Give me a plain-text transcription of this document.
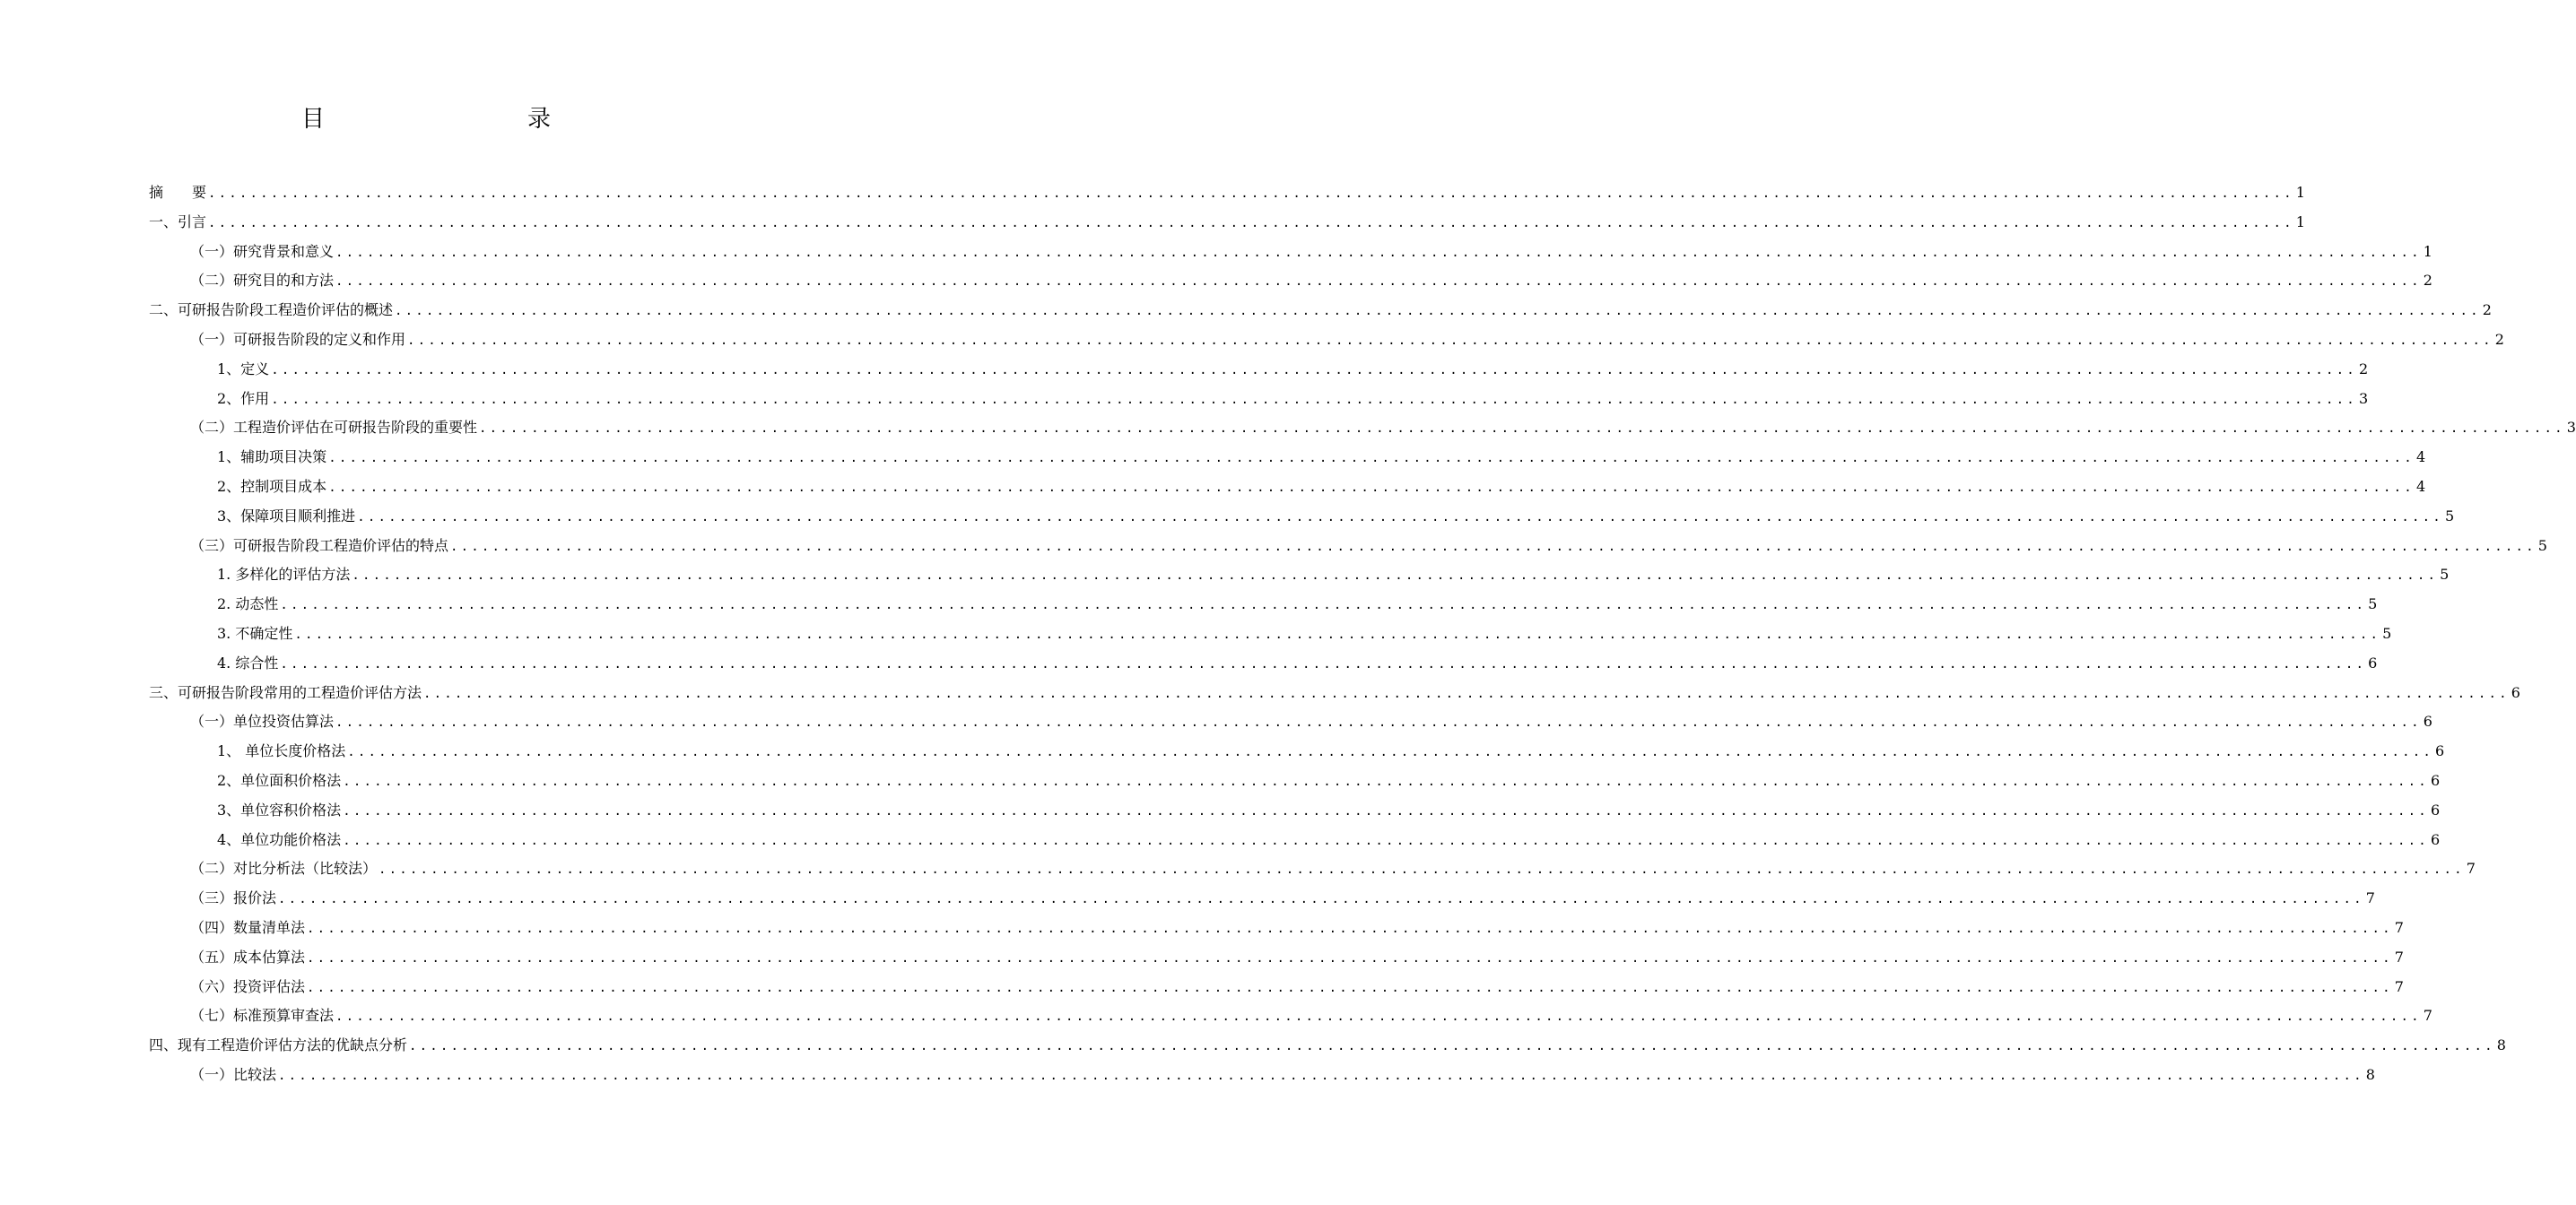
目　　录
摘　　要 ........................................................................................................................................................................................................ 1
一、引言 ........................................................................................................................................................................................................ 1
（一）研究背景和意义 ........................................................................................................................................................................................................ 1
（二）研究目的和方法 ........................................................................................................................................................................................................ 2
二、可研报告阶段工程造价评估的概述 ........................................................................................................................................................................................................ 2
（一）可研报告阶段的定义和作用 ........................................................................................................................................................................................................ 2
1、定义 ........................................................................................................................................................................................................ 2
2、作用 ........................................................................................................................................................................................................ 3
（二）工程造价评估在可研报告阶段的重要性 ........................................................................................................................................................................................................ 3
1、辅助项目决策 ........................................................................................................................................................................................................ 4
2、控制项目成本 ........................................................................................................................................................................................................ 4
3、保障项目顺利推进 ........................................................................................................................................................................................................ 5
（三）可研报告阶段工程造价评估的特点 ........................................................................................................................................................................................................ 5
1. 多样化的评估方法 ........................................................................................................................................................................................................ 5
2. 动态性 ........................................................................................................................................................................................................ 5
3. 不确定性 ........................................................................................................................................................................................................ 5
4. 综合性 ........................................................................................................................................................................................................ 6
三、可研报告阶段常用的工程造价评估方法 ........................................................................................................................................................................................................ 6
（一）单位投资估算法 ........................................................................................................................................................................................................ 6
1、 单位长度价格法 ........................................................................................................................................................................................................ 6
2、单位面积价格法 ........................................................................................................................................................................................................ 6
3、单位容积价格法 ........................................................................................................................................................................................................ 6
4、单位功能价格法 ........................................................................................................................................................................................................ 6
（二）对比分析法（比较法） ........................................................................................................................................................................................................ 7
（三）报价法 ........................................................................................................................................................................................................ 7
（四）数量清单法 ........................................................................................................................................................................................................ 7
（五）成本估算法 ........................................................................................................................................................................................................ 7
（六）投资评估法 ........................................................................................................................................................................................................ 7
（七）标准预算审查法 ........................................................................................................................................................................................................ 7
四、现有工程造价评估方法的优缺点分析 ........................................................................................................................................................................................................ 8
（一）比较法 ........................................................................................................................................................................................................ 8
